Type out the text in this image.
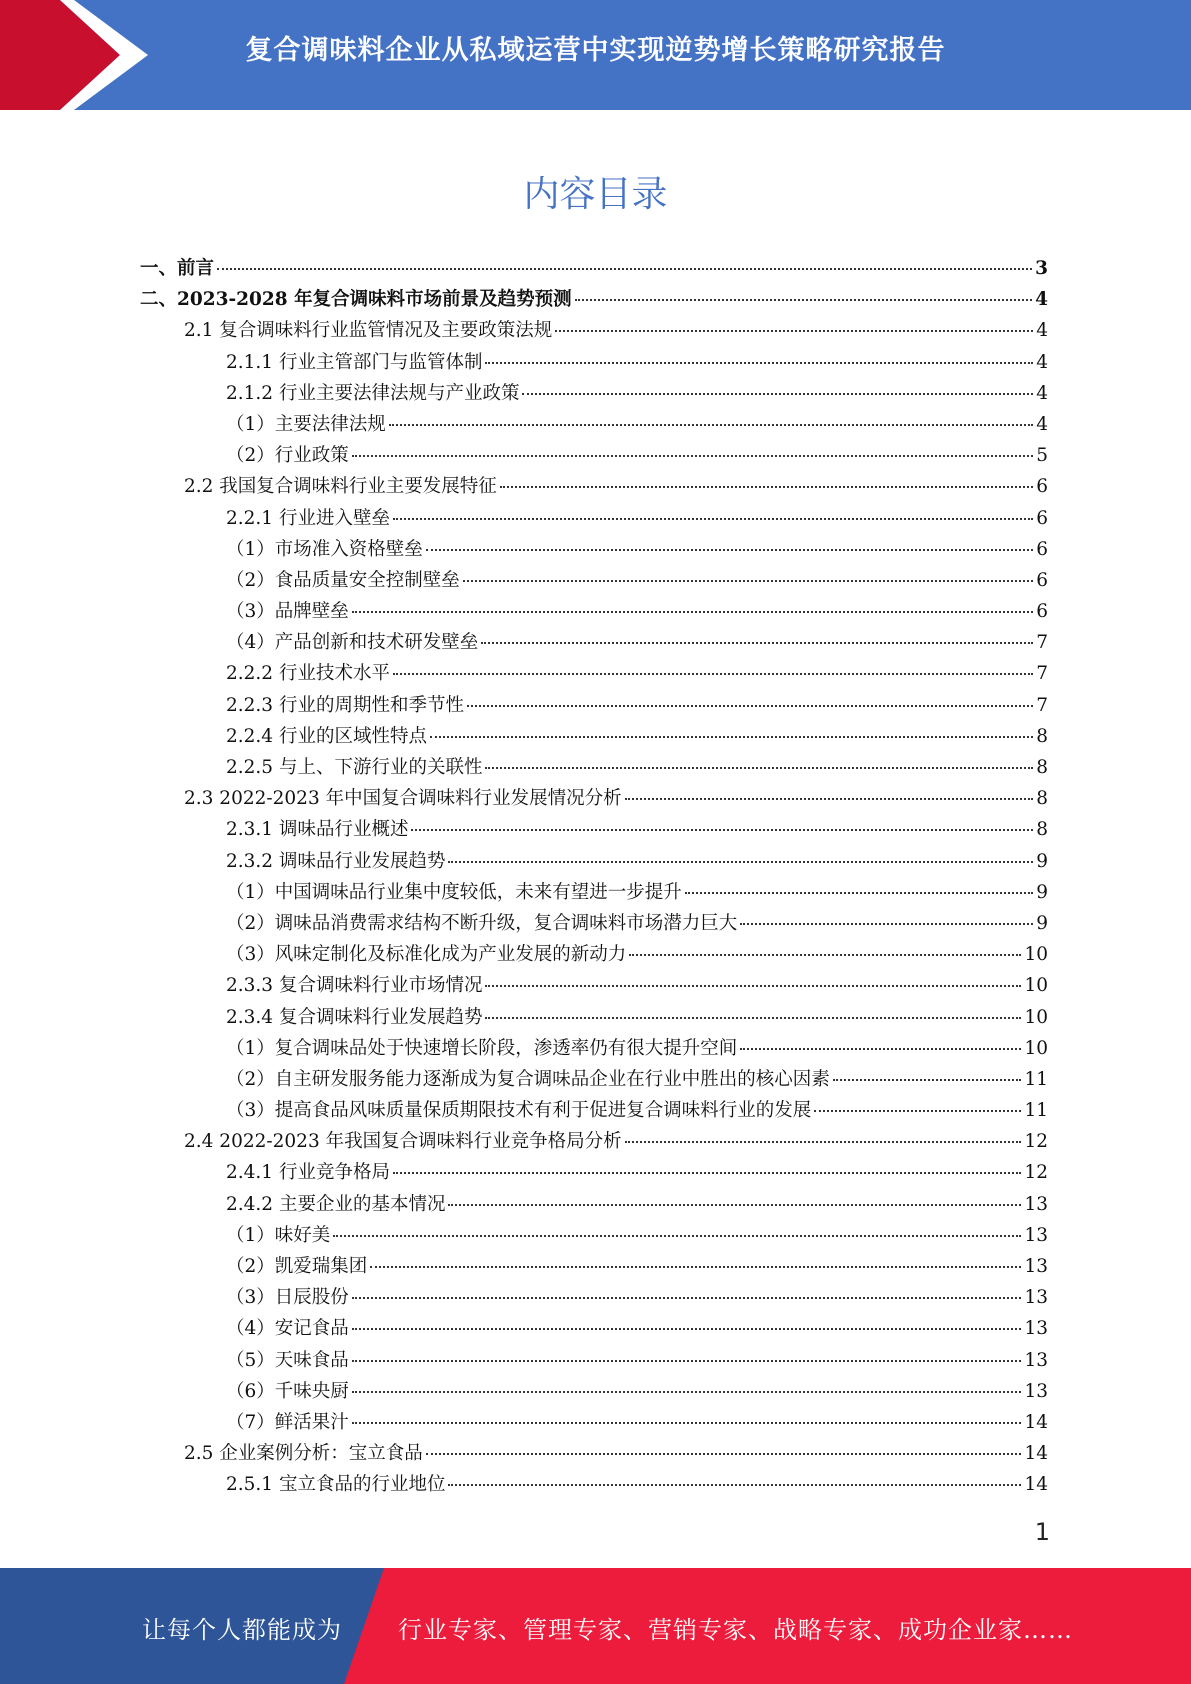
复合调味料企业从私域运营中实现逆势增长策略研究报告
内容目录
一、前言	3
二、2023-2028 年复合调味料市场前景及趋势预测	4
2.1 复合调味料行业监管情况及主要政策法规	4
2.1.1 行业主管部门与监管体制	4
2.1.2 行业主要法律法规与产业政策	4
（1）主要法律法规	4
（2）行业政策	5
2.2 我国复合调味料行业主要发展特征	6
2.2.1 行业进入壁垒	6
（1）市场准入资格壁垒	6
（2）食品质量安全控制壁垒	6
（3）品牌壁垒	6
（4）产品创新和技术研发壁垒	7
2.2.2 行业技术水平	7
2.2.3 行业的周期性和季节性	7
2.2.4 行业的区域性特点	8
2.2.5 与上、下游行业的关联性	8
2.3 2022-2023 年中国复合调味料行业发展情况分析	8
2.3.1 调味品行业概述	8
2.3.2 调味品行业发展趋势	9
（1）中国调味品行业集中度较低，未来有望进一步提升	9
（2）调味品消费需求结构不断升级，复合调味料市场潜力巨大	9
（3）风味定制化及标准化成为产业发展的新动力	10
2.3.3 复合调味料行业市场情况	10
2.3.4 复合调味料行业发展趋势	10
（1）复合调味品处于快速增长阶段，渗透率仍有很大提升空间	10
（2）自主研发服务能力逐渐成为复合调味品企业在行业中胜出的核心因素	11
（3）提高食品风味质量保质期限技术有利于促进复合调味料行业的发展	11
2.4 2022-2023 年我国复合调味料行业竞争格局分析	12
2.4.1 行业竞争格局	12
2.4.2 主要企业的基本情况	13
（1）味好美	13
（2）凯爱瑞集团	13
（3）日辰股份	13
（4）安记食品	13
（5）天味食品	13
（6）千味央厨	13
（7）鲜活果汁	14
2.5 企业案例分析：宝立食品	14
2.5.1 宝立食品的行业地位	14
1
让每个人都能成为 行业专家、管理专家、营销专家、战略专家、成功企业家……
